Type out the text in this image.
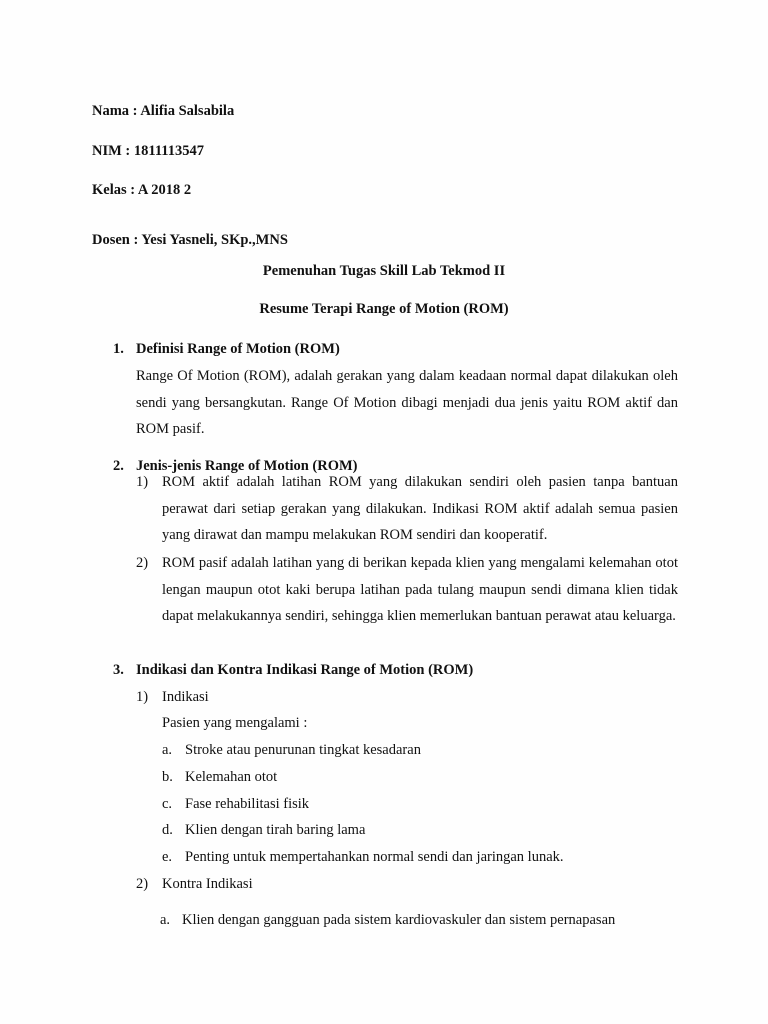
Nama : Alifia Salsabila
NIM : 1811113547
Kelas : A 2018 2
Dosen : Yesi Yasneli, SKp.,MNS
Pemenuhan Tugas Skill Lab Tekmod II
Resume Terapi Range of Motion (ROM)
1. Definisi Range of Motion (ROM)
Range Of Motion (ROM), adalah gerakan yang dalam keadaan normal dapat dilakukan oleh sendi yang bersangkutan. Range Of Motion dibagi menjadi dua jenis yaitu ROM aktif dan ROM pasif.
2. Jenis-jenis Range of Motion (ROM)
1) ROM aktif adalah latihan ROM yang dilakukan sendiri oleh pasien tanpa bantuan perawat dari setiap gerakan yang dilakukan. Indikasi ROM aktif adalah semua pasien yang dirawat dan mampu melakukan ROM sendiri dan kooperatif.
2) ROM pasif adalah latihan yang di berikan kepada klien yang mengalami kelemahan otot lengan maupun otot kaki berupa latihan pada tulang maupun sendi dimana klien tidak dapat melakukannya sendiri, sehingga klien memerlukan bantuan perawat atau keluarga.
3. Indikasi dan Kontra Indikasi Range of Motion (ROM)
1) Indikasi
Pasien yang mengalami :
a. Stroke atau penurunan tingkat kesadaran
b. Kelemahan otot
c. Fase rehabilitasi fisik
d. Klien dengan tirah baring lama
e. Penting untuk mempertahankan normal sendi dan jaringan lunak.
2) Kontra Indikasi
a. Klien dengan gangguan pada sistem kardiovaskuler dan sistem pernapasan
